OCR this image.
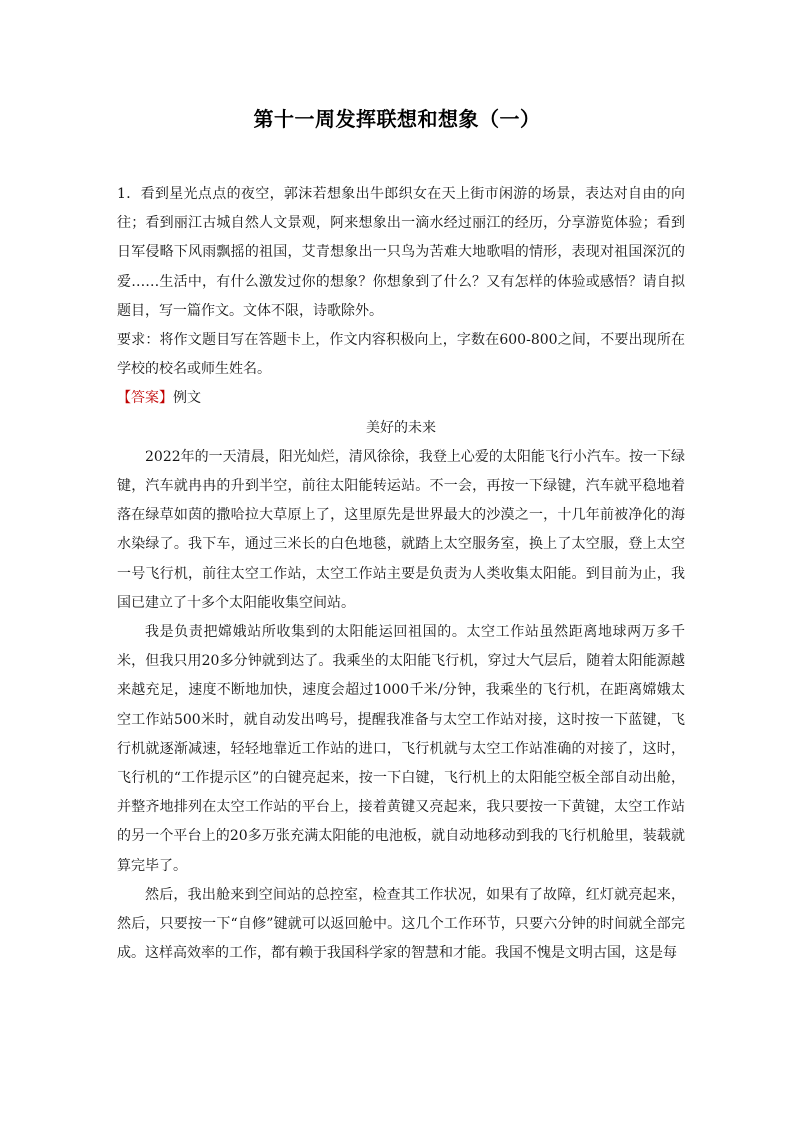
第十一周发挥联想和想象（一）

1．看到星光点点的夜空，郭沫若想象出牛郎织女在天上街市闲游的场景，表达对自由的向往；看到丽江古城自然人文景观，阿来想象出一滴水经过丽江的经历，分享游览体验；看到日军侵略下风雨飘摇的祖国，艾青想象出一只鸟为苦难大地歌唱的情形，表现对祖国深沉的爱……生活中，有什么激发过你的想象？你想象到了什么？又有怎样的体验或感悟？请自拟题目，写一篇作文。文体不限，诗歌除外。

要求：将作文题目写在答题卡上，作文内容积极向上，字数在600-800之间，不要出现所在学校的校名或师生姓名。

【答案】例文

美好的未来

2022年的一天清晨，阳光灿烂，清风徐徐，我登上心爱的太阳能飞行小汽车。按一下绿键，汽车就冉冉的升到半空，前往太阳能转运站。不一会，再按一下绿键，汽车就平稳地着落在绿草如茵的撒哈拉大草原上了，这里原先是世界最大的沙漠之一，十几年前被净化的海水染绿了。我下车，通过三米长的白色地毯，就踏上太空服务室，换上了太空服，登上太空一号飞行机，前往太空工作站，太空工作站主要是负责为人类收集太阳能。到目前为止，我国已建立了十多个太阳能收集空间站。

我是负责把嫦娥站所收集到的太阳能运回祖国的。太空工作站虽然距离地球两万多千米，但我只用20多分钟就到达了。我乘坐的太阳能飞行机，穿过大气层后，随着太阳能源越来越充足，速度不断地加快，速度会超过1000千米/分钟，我乘坐的飞行机，在距离嫦娥太空工作站500米时，就自动发出鸣号，提醒我准备与太空工作站对接，这时按一下蓝键，飞行机就逐渐减速，轻轻地靠近工作站的进口，飞行机就与太空工作站准确的对接了，这时，飞行机的“工作提示区”的白键亮起来，按一下白键，飞行机上的太阳能空板全部自动出舱，并整齐地排列在太空工作站的平台上，接着黄键又亮起来，我只要按一下黄键，太空工作站的另一个平台上的20多万张充满太阳能的电池板，就自动地移动到我的飞行机舱里，装载就算完毕了。

然后，我出舱来到空间站的总控室，检查其工作状况，如果有了故障，红灯就亮起来，然后，只要按一下“自修”键就可以返回舱中。这几个工作环节，只要六分钟的时间就全部完成。这样高效率的工作，都有赖于我国科学家的智慧和才能。我国不愧是文明古国，这是每
